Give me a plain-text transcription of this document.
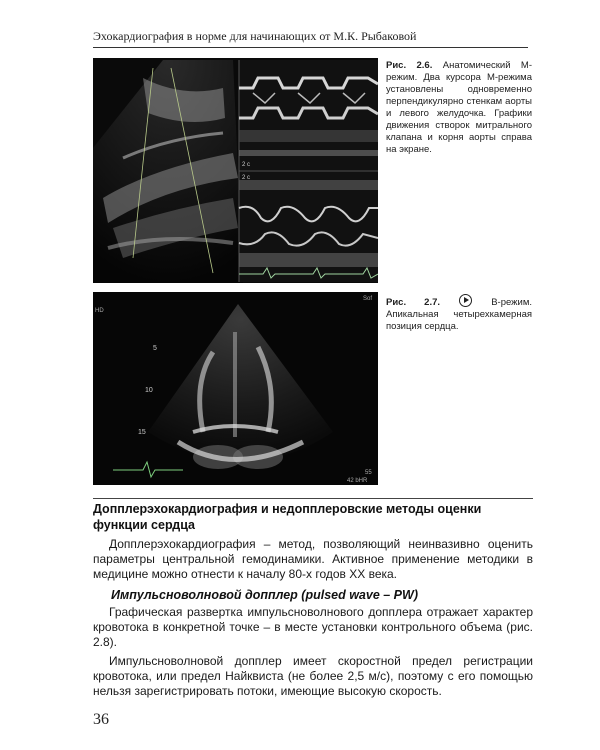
Эхокардиография в норме для начинающих от М.К. Рыбаковой
2 с
2 с
Рис. 2.6. Анатомический М-режим. Два курсора М-режима установлены одновременно перпендикулярно стенкам аорты и левого желудочка. Графики движения створок митрального клапана и корня аорты справа на экране.
5
10
15
HD
Sof
55
42 bHR
Рис. 2.7.	В-режим. Апикальная четырехкамерная позиция сердца.
Допплерэхокардиография и недопплеровские методы оценки функции сердца
Допплерэхокардиография – метод, позволяющий неинвазивно оценить параметры центральной гемодинамики. Активное применение методики в медицине можно отнести к началу 80-х годов XX века.
Импульсноволновой допплер (pulsed wave – PW)
Графическая развертка импульсноволнового допплера отражает характер кровотока в конкретной точке – в месте установки контрольного объема (рис. 2.8).
Импульсноволновой допплер имеет скоростной предел регистрации кровотока, или предел Найквиста (не более 2,5 м/с), поэтому с его помощью нельзя зарегистрировать потоки, имеющие высокую скорость.
36
